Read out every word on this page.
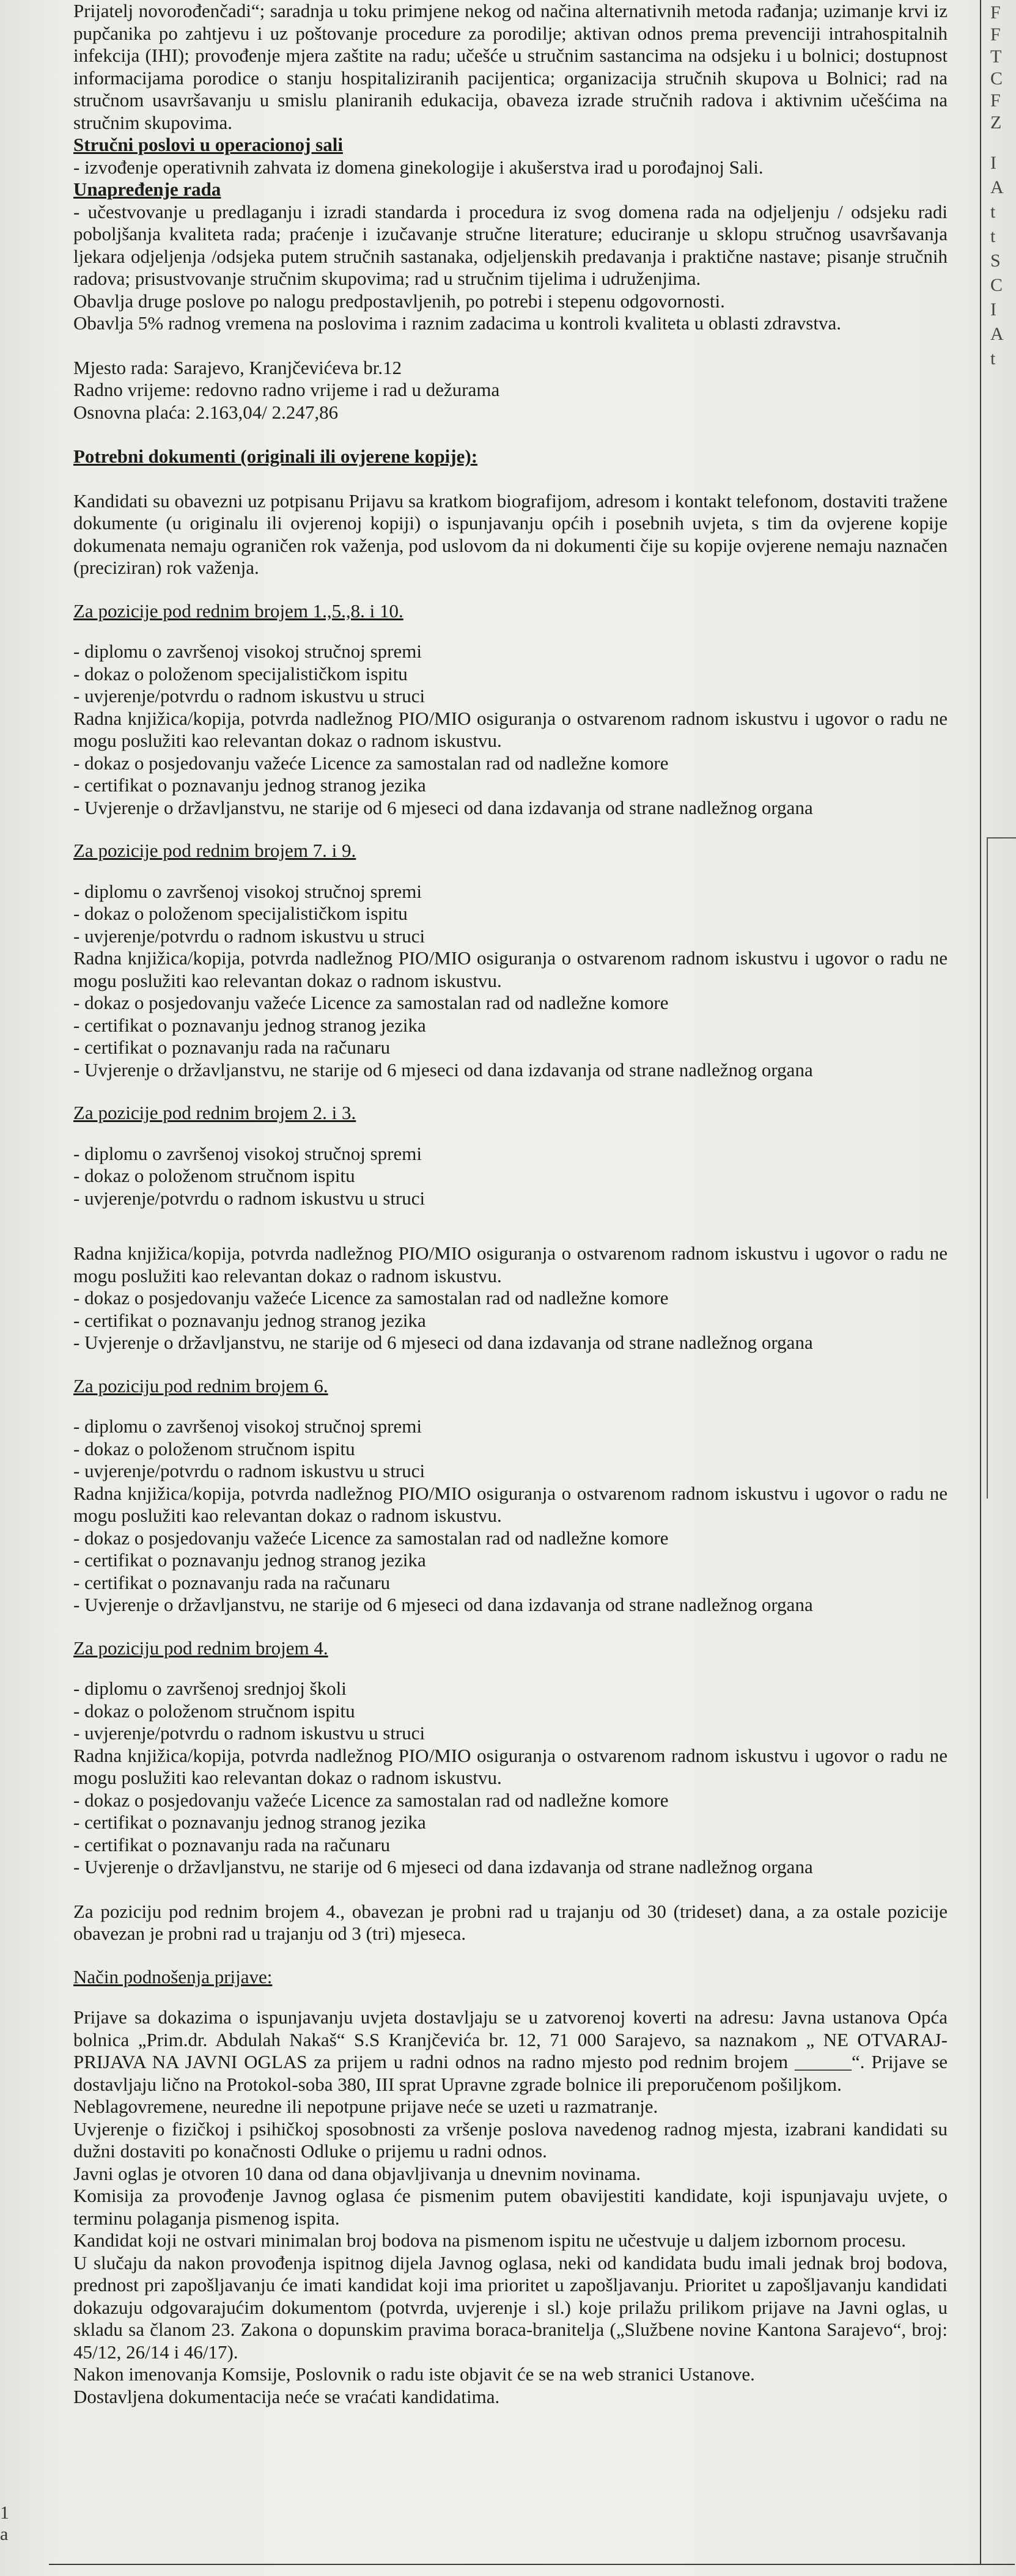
1
a
F
F
T
C
F
Z
I
A
t
t
S
C
I
A
t

Prijatelj novorođenčadi“; saradnja u toku primjene nekog od načina alternativnih metoda rađanja; uzimanje krvi iz pupčanika po zahtjevu i uz poštovanje procedure za porodilje; aktivan odnos prema prevenciji intrahospitalnih infekcija (IHI); provođenje mjera zaštite na radu; učešće u stručnim sastancima na odsjeku i u bolnici; dostupnost informacijama porodice o stanju hospitaliziranih pacijentica; organizacija stručnih skupova u Bolnici; rad na stručnom usavršavanju u smislu planiranih edukacija, obaveza izrade stručnih radova i aktivnim učešćima na stručnim skupovima.

Stručni poslovi u operacionoj sali

- izvođenje operativnih zahvata iz domena ginekologije i akušerstva irad u porođajnoj Sali.

Unapređenje rada

- učestvovanje u predlaganju i izradi standarda i procedura iz svog domena rada na odjeljenju / odsjeku radi poboljšanja kvaliteta rada; praćenje i izučavanje stručne literature; educiranje u sklopu stručnog usavršavanja ljekara odjeljenja /odsjeka putem stručnih sastanaka, odjeljenskih predavanja i praktične nastave; pisanje stručnih radova; prisustvovanje stručnim skupovima; rad u stručnim tijelima i udruženjima.

Obavlja druge poslove po nalogu predpostavljenih, po potrebi i stepenu odgovornosti.

Obavlja 5% radnog vremena na poslovima i raznim zadacima u kontroli kvaliteta u oblasti zdravstva.

Mjesto rada: Sarajevo, Kranjčevićeva br.12

Radno vrijeme: redovno radno vrijeme i rad u dežurama

Osnovna plaća: 2.163,04/ 2.247,86

Potrebni dokumenti (originali ili ovjerene kopije):

Kandidati su obavezni uz potpisanu Prijavu sa kratkom biografijom, adresom i kontakt telefonom, dostaviti tražene dokumente (u originalu ili ovjerenoj kopiji) o ispunjavanju općih i posebnih uvjeta, s tim da ovjerene kopije dokumenata nemaju ograničen rok važenja, pod uslovom da ni dokumenti čije su kopije ovjerene nemaju naznačen (preciziran) rok važenja.

Za pozicije pod rednim brojem 1.,5.,8. i 10.

- diplomu o završenoj visokoj stručnoj spremi
- dokaz o položenom specijalističkom ispitu
- uvjerenje/potvrdu o radnom iskustvu u struci

Radna knjižica/kopija, potvrda nadležnog PIO/MIO osiguranja o ostvarenom radnom iskustvu i ugovor o radu ne mogu poslužiti kao relevantan dokaz o radnom iskustvu.

- dokaz o posjedovanju važeće Licence za samostalan rad od nadležne komore
- certifikat o poznavanju jednog stranog jezika
- Uvjerenje o državljanstvu, ne starije od 6 mjeseci od dana izdavanja od strane nadležnog organa

Za pozicije pod rednim brojem 7. i 9.

- diplomu o završenoj visokoj stručnoj spremi
- dokaz o položenom specijalističkom ispitu
- uvjerenje/potvrdu o radnom iskustvu u struci

Radna knjižica/kopija, potvrda nadležnog PIO/MIO osiguranja o ostvarenom radnom iskustvu i ugovor o radu ne mogu poslužiti kao relevantan dokaz o radnom iskustvu.

- dokaz o posjedovanju važeće Licence za samostalan rad od nadležne komore
- certifikat o poznavanju jednog stranog jezika
- certifikat o poznavanju rada na računaru
- Uvjerenje o državljanstvu, ne starije od 6 mjeseci od dana izdavanja od strane nadležnog organa

Za pozicije pod rednim brojem 2. i 3.

- diplomu o završenoj visokoj stručnoj spremi
- dokaz o položenom stručnom ispitu
- uvjerenje/potvrdu o radnom iskustvu u struci

Radna knjižica/kopija, potvrda nadležnog PIO/MIO osiguranja o ostvarenom radnom iskustvu i ugovor o radu ne mogu poslužiti kao relevantan dokaz o radnom iskustvu.

- dokaz o posjedovanju važeće Licence za samostalan rad od nadležne komore
- certifikat o poznavanju jednog stranog jezika
- Uvjerenje o državljanstvu, ne starije od 6 mjeseci od dana izdavanja od strane nadležnog organa

Za poziciju pod rednim brojem 6.

- diplomu o završenoj visokoj stručnoj spremi
- dokaz o položenom stručnom ispitu
- uvjerenje/potvrdu o radnom iskustvu u struci

Radna knjižica/kopija, potvrda nadležnog PIO/MIO osiguranja o ostvarenom radnom iskustvu i ugovor o radu ne mogu poslužiti kao relevantan dokaz o radnom iskustvu.

- dokaz o posjedovanju važeće Licence za samostalan rad od nadležne komore
- certifikat o poznavanju jednog stranog jezika
- certifikat o poznavanju rada na računaru
- Uvjerenje o državljanstvu, ne starije od 6 mjeseci od dana izdavanja od strane nadležnog organa

Za poziciju pod rednim brojem 4.

- diplomu o završenoj srednjoj školi
- dokaz o položenom stručnom ispitu
- uvjerenje/potvrdu o radnom iskustvu u struci

Radna knjižica/kopija, potvrda nadležnog PIO/MIO osiguranja o ostvarenom radnom iskustvu i ugovor o radu ne mogu poslužiti kao relevantan dokaz o radnom iskustvu.

- dokaz o posjedovanju važeće Licence za samostalan rad od nadležne komore
- certifikat o poznavanju jednog stranog jezika
- certifikat o poznavanju rada na računaru
- Uvjerenje o državljanstvu, ne starije od 6 mjeseci od dana izdavanja od strane nadležnog organa

Za poziciju pod rednim brojem 4., obavezan je probni rad u trajanju od 30 (trideset) dana, a za ostale pozicije obavezan je probni rad u trajanju od 3 (tri) mjeseca.

Način podnošenja prijave:

Prijave sa dokazima o ispunjavanju uvjeta dostavljaju se u zatvorenoj koverti na adresu: Javna ustanova Opća bolnica „Prim.dr. Abdulah Nakaš“ S.S Kranjčevića br. 12, 71 000 Sarajevo, sa naznakom „ NE OTVARAJ-PRIJAVA NA JAVNI OGLAS za prijem u radni odnos na radno mjesto pod rednim brojem ______“. Prijave se dostavljaju lično na Protokol-soba 380, III sprat Upravne zgrade bolnice ili preporučenom pošiljkom.

Neblagovremene, neuredne ili nepotpune prijave neće se uzeti u razmatranje.

Uvjerenje o fizičkoj i psihičkoj sposobnosti za vršenje poslova navedenog radnog mjesta, izabrani kandidati su dužni dostaviti po konačnosti Odluke o prijemu u radni odnos.

Javni oglas je otvoren 10 dana od dana objavljivanja u dnevnim novinama.

Komisija za provođenje Javnog oglasa će pismenim putem obavijestiti kandidate, koji ispunjavaju uvjete, o terminu polaganja pismenog ispita.

Kandidat koji ne ostvari minimalan broj bodova na pismenom ispitu ne učestvuje u daljem izbornom procesu.

U slučaju da nakon provođenja ispitnog dijela Javnog oglasa, neki od kandidata budu imali jednak broj bodova, prednost pri zapošljavanju će imati kandidat koji ima prioritet u zapošljavanju. Prioritet u zapošljavanju kandidati dokazuju odgovarajućim dokumentom (potvrda, uvjerenje i sl.) koje prilažu prilikom prijave na Javni oglas, u skladu sa članom 23. Zakona o dopunskim pravima boraca-branitelja („Službene novine Kantona Sarajevo“, broj: 45/12, 26/14 i 46/17).

Nakon imenovanja Komsije, Poslovnik o radu iste objavit će se na web stranici Ustanove.

Dostavljena dokumentacija neće se vraćati kandidatima.
